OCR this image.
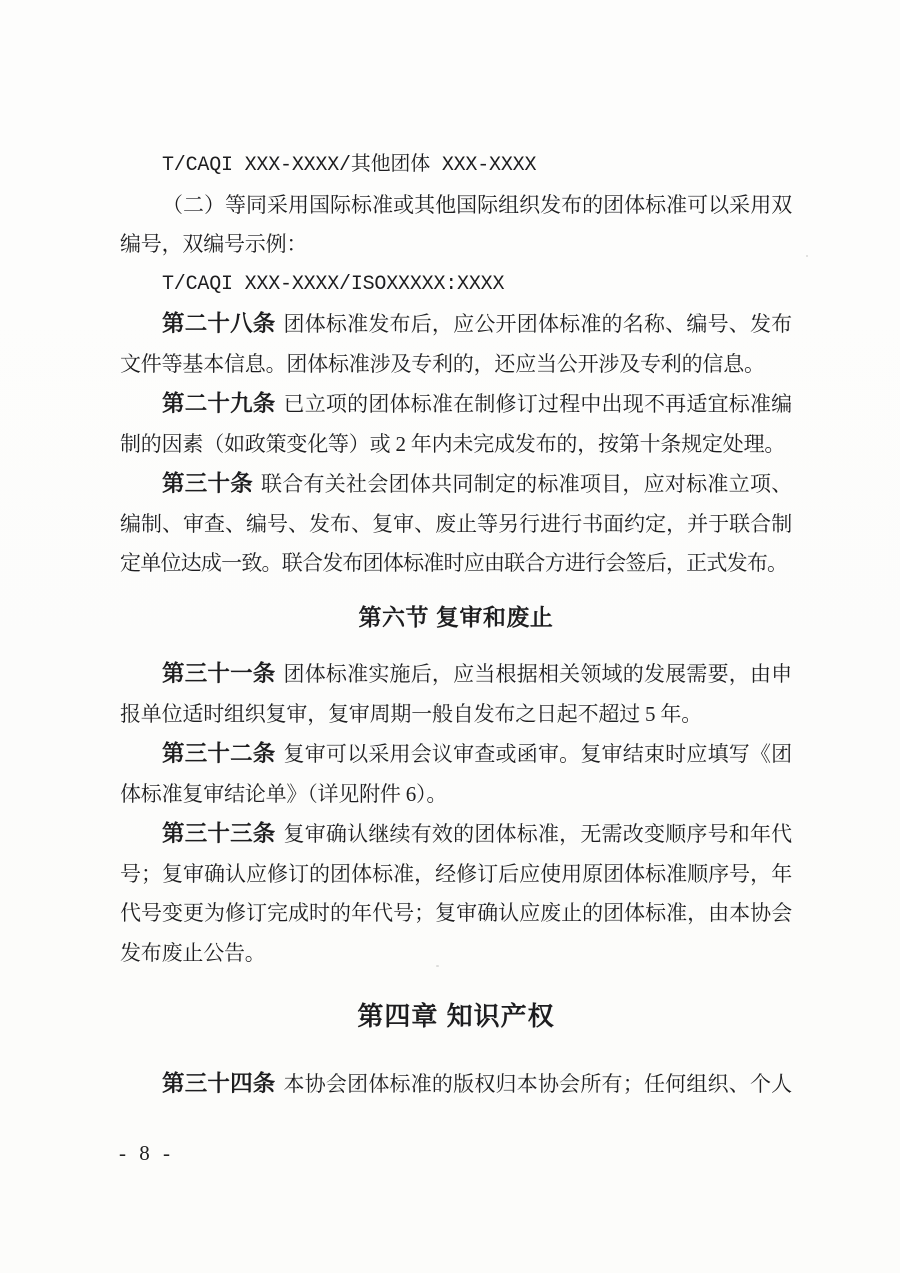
T/CAQI XXX-XXXX/其他团体 XXX-XXXX
（二）等同采用国际标准或其他国际组织发布的团体标准可以采用双
编号，双编号示例：
T/CAQI XXX-XXXX/ISOXXXXX:XXXX
第二十八条 团体标准发布后，应公开团体标准的名称、编号、发布
文件等基本信息。团体标准涉及专利的，还应当公开涉及专利的信息。
第二十九条 已立项的团体标准在制修订过程中出现不再适宜标准编
制的因素（如政策变化等）或 2 年内未完成发布的，按第十条规定处理。
第三十条 联合有关社会团体共同制定的标准项目，应对标准立项、
编制、审查、编号、发布、复审、废止等另行进行书面约定，并于联合制
定单位达成一致。联合发布团体标准时应由联合方进行会签后，正式发布。
第六节 复审和废止
第三十一条 团体标准实施后，应当根据相关领域的发展需要，由申
报单位适时组织复审，复审周期一般自发布之日起不超过 5 年。
第三十二条 复审可以采用会议审查或函审。复审结束时应填写《团
体标准复审结论单》（详见附件 6）。
第三十三条 复审确认继续有效的团体标准，无需改变顺序号和年代
号；复审确认应修订的团体标准，经修订后应使用原团体标准顺序号，年
代号变更为修订完成时的年代号；复审确认应废止的团体标准，由本协会
发布废止公告。
第四章 知识产权
第三十四条 本协会团体标准的版权归本协会所有；任何组织、个人
- 8 -
